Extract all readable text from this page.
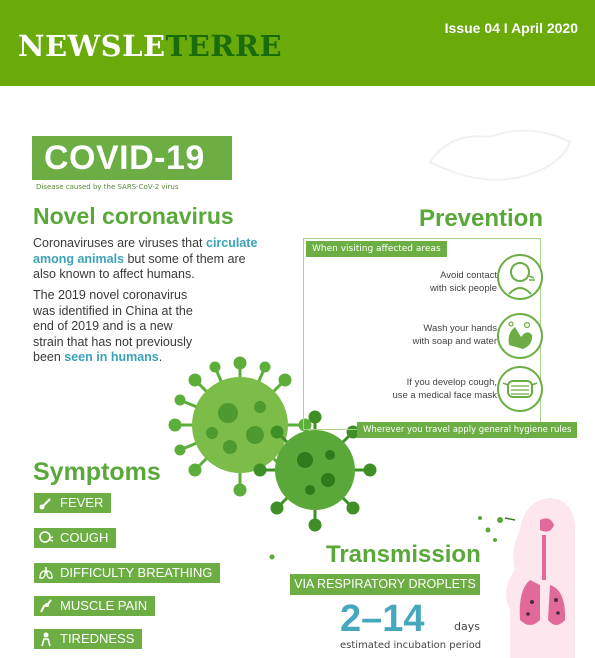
NEWSLETERRE
Issue 04 I April 2020
COVID-19
Disease caused by the SARS-CoV-2 virus
Novel coronavirus
Coronaviruses are viruses that circulate among animals but some of them are also known to affect humans.
The 2019 novel coronavirus was identified in China at the end of 2019 and is a new strain that has not previously been seen in humans.
Prevention
When visiting affected areas
Avoid contact
with sick people
Wash your hands
with soap and water
If you develop cough,
use a medical face mask
Wherever you travel apply general hygiene rules
Symptoms
FEVER
COUGH
DIFFICULTY BREATHING
MUSCLE PAIN
TIREDNESS
Transmission
VIA RESPIRATORY DROPLETS
2–14	days
estimated incubation period
